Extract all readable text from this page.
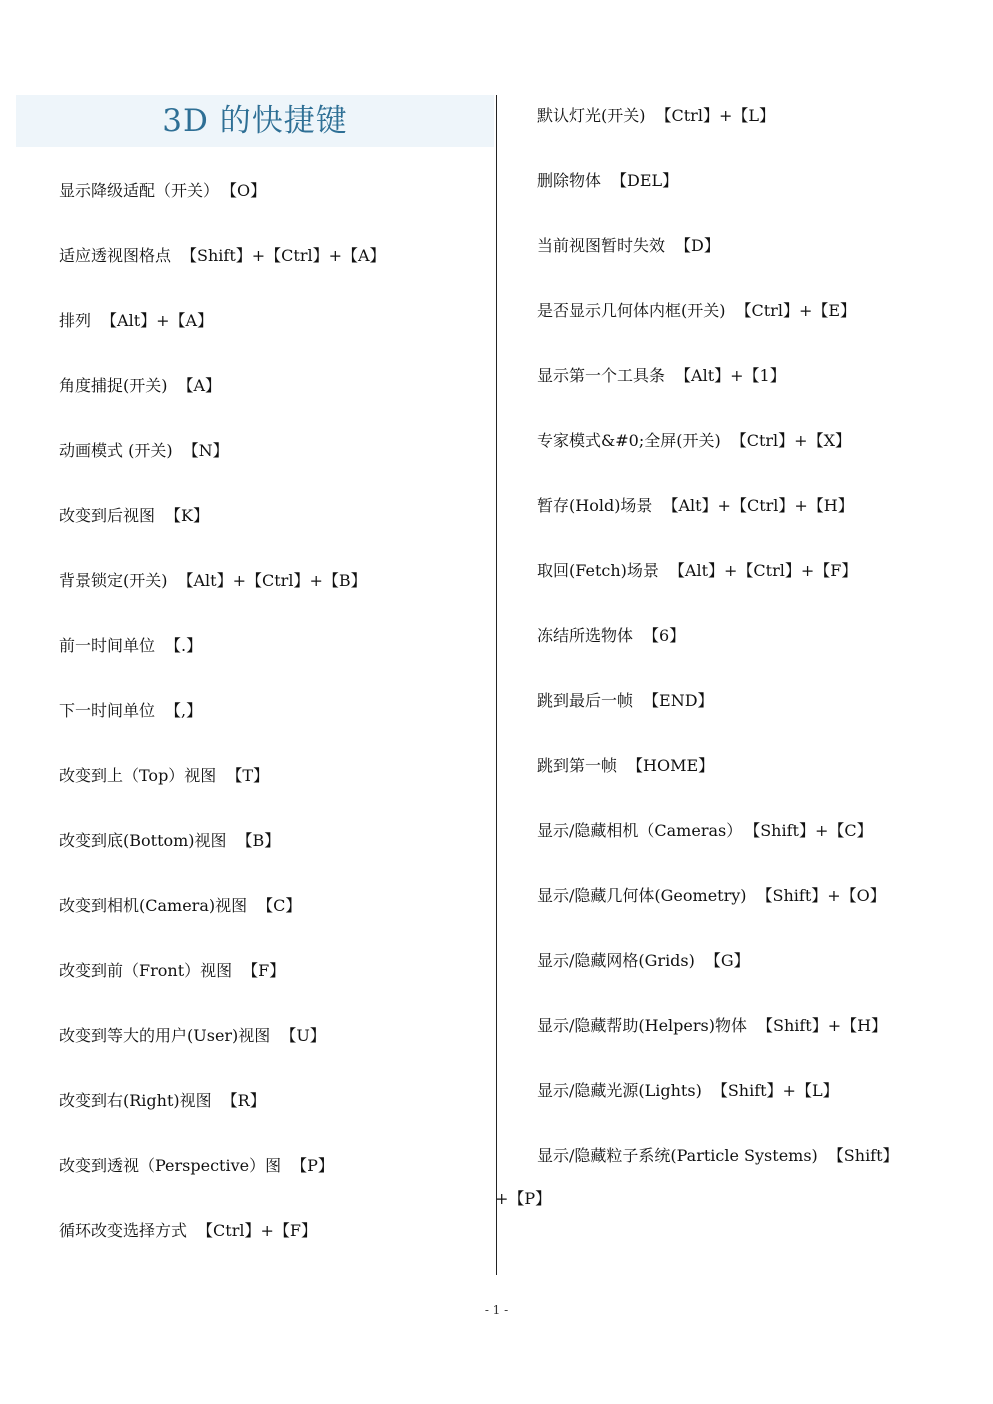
3D 的快捷键
显示降级适配（开关） 【O】
适应透视图格点 【Shift】+【Ctrl】+【A】
排列 【Alt】+【A】
角度捕捉(开关) 【A】
动画模式 (开关) 【N】
改变到后视图 【K】
背景锁定(开关) 【Alt】+【Ctrl】+【B】
前一时间单位 【.】
下一时间单位 【,】
改变到上（Top）视图 【T】
改变到底(Bottom)视图 【B】
改变到相机(Camera)视图 【C】
改变到前（Front）视图 【F】
改变到等大的用户(User)视图 【U】
改变到右(Right)视图 【R】
改变到透视（Perspective）图 【P】
循环改变选择方式 【Ctrl】+【F】
默认灯光(开关) 【Ctrl】+【L】
删除物体 【DEL】
当前视图暂时失效 【D】
是否显示几何体内框(开关) 【Ctrl】+【E】
显示第一个工具条 【Alt】+【1】
专家模式&#0;全屏(开关) 【Ctrl】+【X】
暂存(Hold)场景 【Alt】+【Ctrl】+【H】
取回(Fetch)场景 【Alt】+【Ctrl】+【F】
冻结所选物体 【6】
跳到最后一帧 【END】
跳到第一帧 【HOME】
显示/隐藏相机（Cameras） 【Shift】+【C】
显示/隐藏几何体(Geometry) 【Shift】+【O】
显示/隐藏网格(Grids) 【G】
显示/隐藏帮助(Helpers)物体 【Shift】+【H】
显示/隐藏光源(Lights) 【Shift】+【L】
显示/隐藏粒子系统(Particle Systems) 【Shift】
+【P】
- 1 -
